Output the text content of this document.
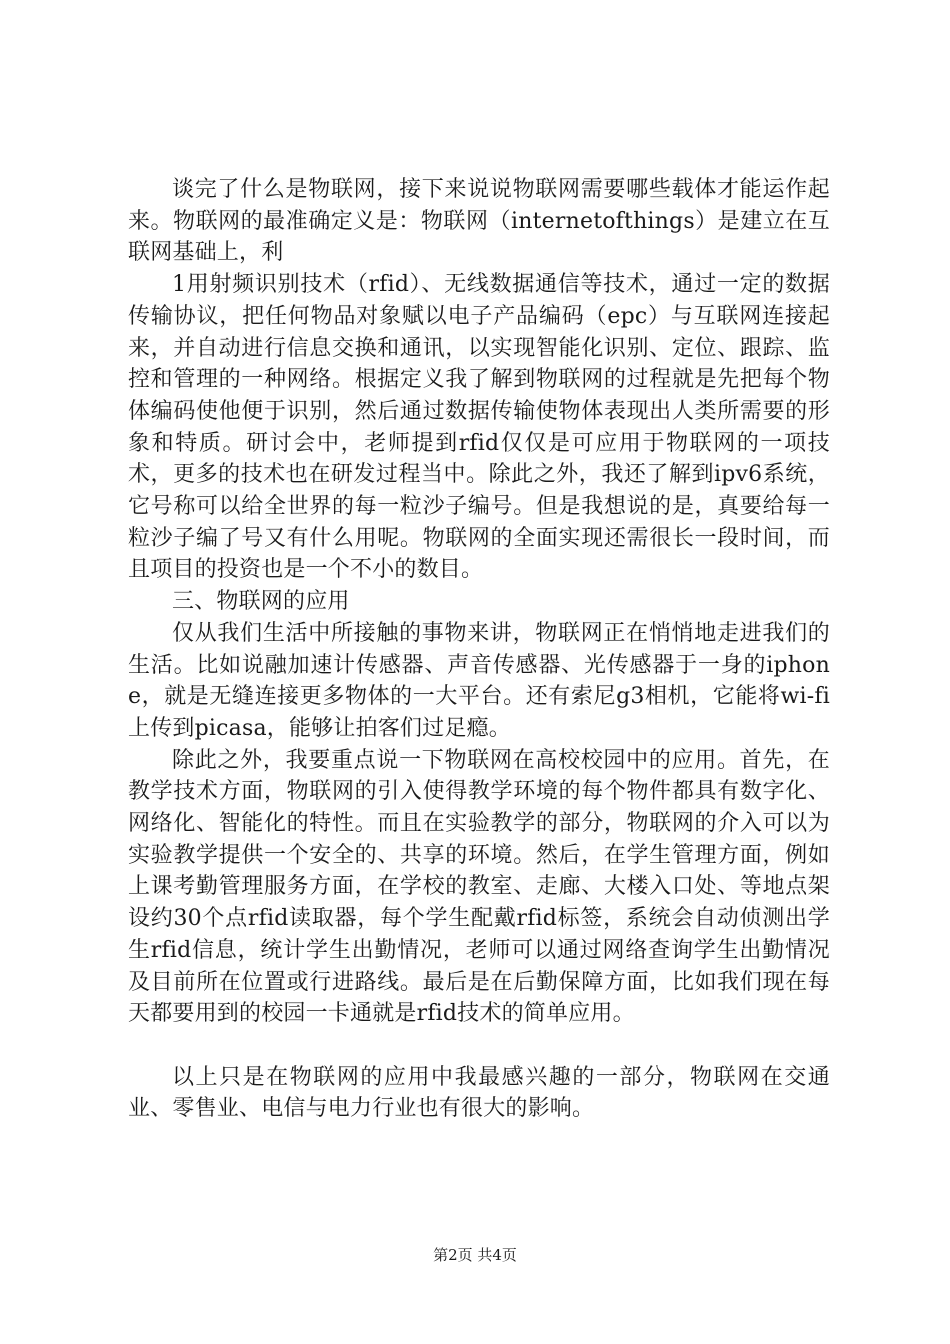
谈完了什么是物联网，接下来说说物联网需要哪些载体才能运作起来。物联网的最准确定义是：物联网（internetofthings）是建立在互联网基础上，利

1用射频识别技术（rfid）、无线数据通信等技术，通过一定的数据传输协议，把任何物品对象赋以电子产品编码（epc）与互联网连接起来，并自动进行信息交换和通讯，以实现智能化识别、定位、跟踪、监控和管理的一种网络。根据定义我了解到物联网的过程就是先把每个物体编码使他便于识别，然后通过数据传输使物体表现出人类所需要的形象和特质。研讨会中，老师提到rfid仅仅是可应用于物联网的一项技术，更多的技术也在研发过程当中。除此之外，我还了解到ipv6系统，它号称可以给全世界的每一粒沙子编号。但是我想说的是，真要给每一粒沙子编了号又有什么用呢。物联网的全面实现还需很长一段时间，而且项目的投资也是一个不小的数目。

三、物联网的应用

仅从我们生活中所接触的事物来讲，物联网正在悄悄地走进我们的生活。比如说融加速计传感器、声音传感器、光传感器于一身的iphone，就是无缝连接更多物体的一大平台。还有索尼g3相机，它能将wi-fi上传到picasa，能够让拍客们过足瘾。

除此之外，我要重点说一下物联网在高校校园中的应用。首先，在教学技术方面，物联网的引入使得教学环境的每个物件都具有数字化、网络化、智能化的特性。而且在实验教学的部分，物联网的介入可以为实验教学提供一个安全的、共享的环境。然后，在学生管理方面，例如上课考勤管理服务方面，在学校的教室、走廊、大楼入口处、等地点架设约30个点rfid读取器，每个学生配戴rfid标签，系统会自动侦测出学生rfid信息，统计学生出勤情况，老师可以通过网络查询学生出勤情况及目前所在位置或行进路线。最后是在后勤保障方面，比如我们现在每天都要用到的校园一卡通就是rfid技术的简单应用。

以上只是在物联网的应用中我最感兴趣的一部分，物联网在交通业、零售业、电信与电力行业也有很大的影响。

第2页 共4页
